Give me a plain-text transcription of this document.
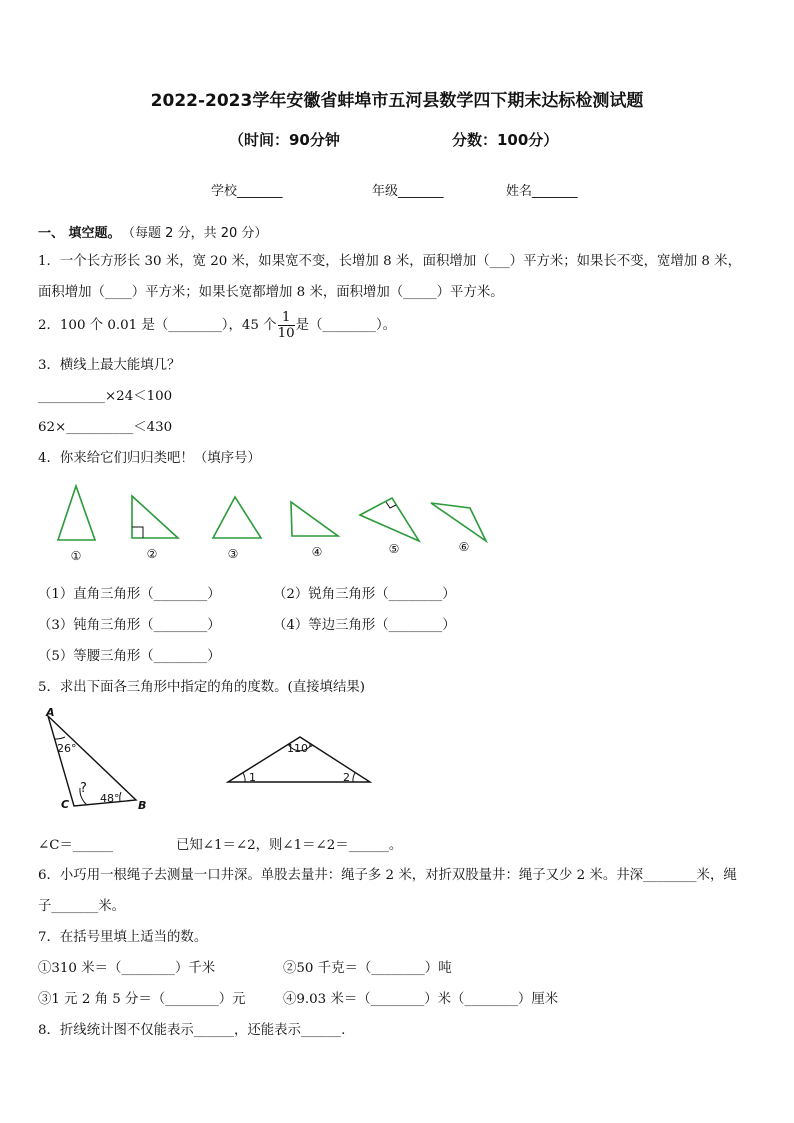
2022-2023学年安徽省蚌埠市五河县数学四下期末达标检测试题
（时间：90分钟	分数：100分）
学校_______	年级_______	姓名_______
一、 填空题。 （每题 2 分，共 20 分）
1．一个长方形长 30 米，宽 20 米，如果宽不变，长增加 8 米，面积增加（___）平方米；如果长不变，宽增加 8 米，
面积增加（____）平方米；如果长宽都增加 8 米，面积增加（_____）平方米。
2．100 个 0.01 是（________），45 个 $\frac{1}{10}$ 是（________）。
3．横线上最大能填几？
__________×24＜100
62×__________＜430
4．你来给它们归归类吧！（填序号）
①	②	③	④	⑤	⑥
（1）直角三角形（________）	（2）锐角三角形（________）
（3）钝角三角形（________）	（4）等边三角形（________）
（5）等腰三角形（________）
5．求出下面各三角形中指定的角的度数。(直接填结果)
A
C	B
26°
48°
?
110°
1	2
∠C＝______	已知∠1＝∠2，则∠1＝∠2＝______。
6．小巧用一根绳子去测量一口井深。单股去量井：绳子多 2 米，对折双股量井：绳子又少 2 米。井深________米，绳
子_______米。
7．在括号里填上适当的数。
①310 米＝（________）千米	②50 千克＝（________）吨
③1 元 2 角 5 分＝（________）元	④9.03 米＝（________）米（________）厘米
8．折线统计图不仅能表示______，还能表示______.
